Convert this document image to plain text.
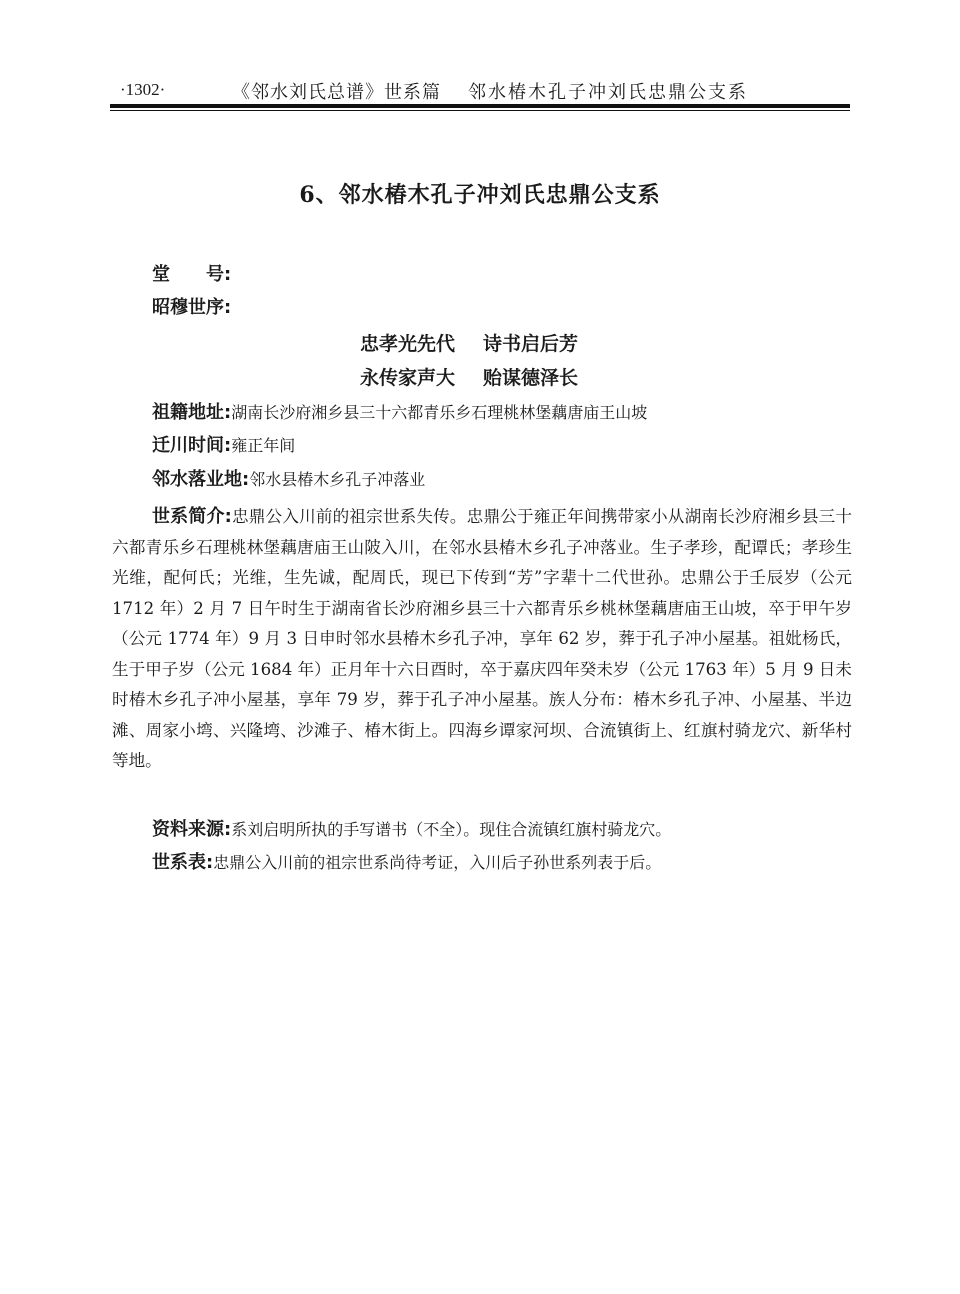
·1302·	《邻水刘氏总谱》世系篇 邻水椿木孔子冲刘氏忠鼎公支系
6、邻水椿木孔子冲刘氏忠鼎公支系
堂　　号:
昭穆世序:
忠孝光先代 诗书启后芳
永传家声大 贻谋德泽长
祖籍地址:湖南长沙府湘乡县三十六都青乐乡石理桃林堡藕唐庙王山坡
迁川时间:雍正年间
邻水落业地:邻水县椿木乡孔子冲落业
世系简介:忠鼎公入川前的祖宗世系失传。忠鼎公于雍正年间携带家小从湖南长沙府湘乡县三十六都青乐乡石理桃林堡藕唐庙王山陂入川，在邻水县椿木乡孔子冲落业。生子孝珍，配谭氏；孝珍生光维，配何氏；光维，生先诚，配周氏，现已下传到“芳”字辈十二代世孙。忠鼎公于壬辰岁（公元 1712 年）2 月 7 日午时生于湖南省长沙府湘乡县三十六都青乐乡桃林堡藕唐庙王山坡，卒于甲午岁（公元 1774 年）9 月 3 日申时邻水县椿木乡孔子冲，享年 62 岁，葬于孔子冲小屋基。祖妣杨氏，生于甲子岁（公元 1684 年）正月年十六日酉时，卒于嘉庆四年癸未岁（公元 1763 年）5 月 9 日未时椿木乡孔子冲小屋基，享年 79 岁，葬于孔子冲小屋基。族人分布：椿木乡孔子冲、小屋基、半边滩、周家小塆、兴隆塆、沙滩子、椿木街上。四海乡谭家河坝、合流镇街上、红旗村骑龙穴、新华村等地。
资料来源:系刘启明所执的手写谱书（不全）。现住合流镇红旗村骑龙穴。
世系表:忠鼎公入川前的祖宗世系尚待考证，入川后子孙世系列表于后。
